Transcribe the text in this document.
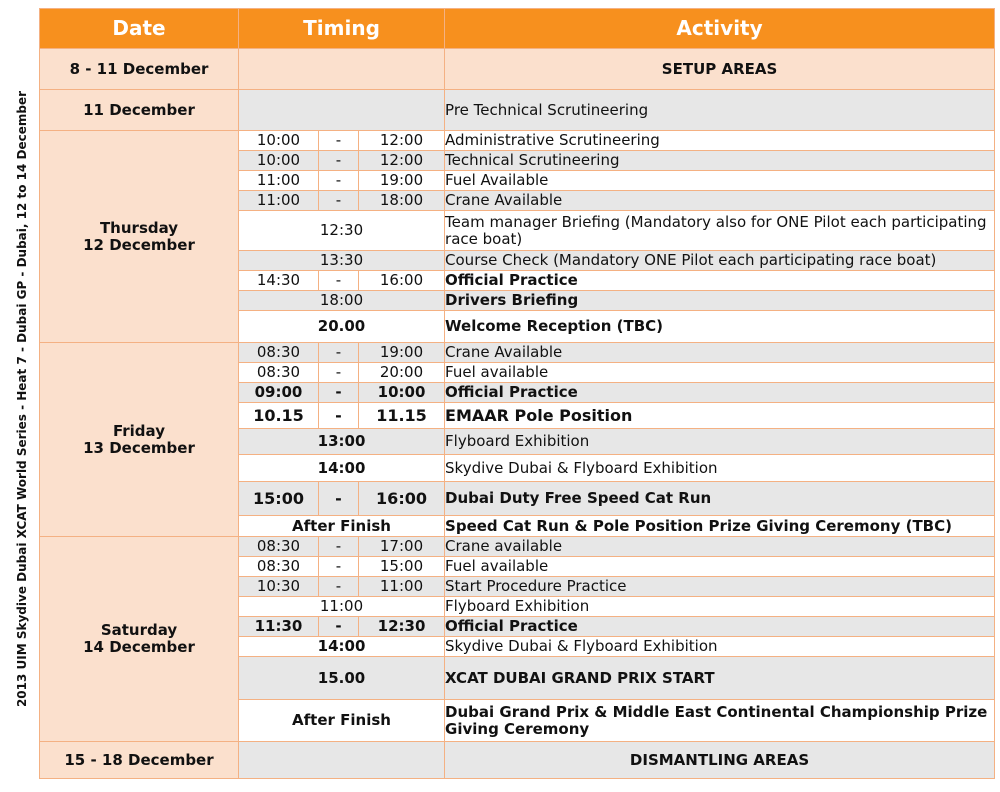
2013 UIM Skydive Dubai XCAT World Series - Heat 7 - Dubai GP - Dubai, 12 to 14 December
Date	Timing			Activity
8 - 11 December				SETUP AREAS
11 December				Pre Technical Scrutineering

Thursday
12 December	10:00	-	12:00	Administrative Scrutineering
	10:00	-	12:00	Technical Scrutineering
	11:00	-	19:00	Fuel Available
	11:00	-	18:00	Crane Available
	12:30			Team manager Briefing (Mandatory also for ONE Pilot each participating race boat)
	13:30			Course Check (Mandatory ONE Pilot each participating race boat)
	14:30	-	16:00	Official Practice
	18:00			Drivers Briefing
	20.00			Welcome Reception (TBC)

Friday
13 December	08:30	-	19:00	Crane Available
	08:30	-	20:00	Fuel available
	09:00	-	10:00	Official Practice
	10.15	-	11.15	EMAAR Pole Position
	13:00			Flyboard Exhibition
	14:00			Skydive Dubai & Flyboard Exhibition
	15:00	-	16:00	Dubai Duty Free Speed Cat Run
	After Finish			Speed Cat Run & Pole Position Prize Giving Ceremony (TBC)

Saturday
14 December	08:30	-	17:00	Crane available
	08:30	-	15:00	Fuel available
	10:30	-	11:00	Start Procedure Practice
	11:00			Flyboard Exhibition
	11:30	-	12:30	Official Practice
	14:00			Skydive Dubai & Flyboard Exhibition
	15.00			XCAT DUBAI GRAND PRIX START
	After Finish			Dubai Grand Prix & Middle East Continental Championship Prize Giving Ceremony
15 - 18 December				DISMANTLING AREAS
